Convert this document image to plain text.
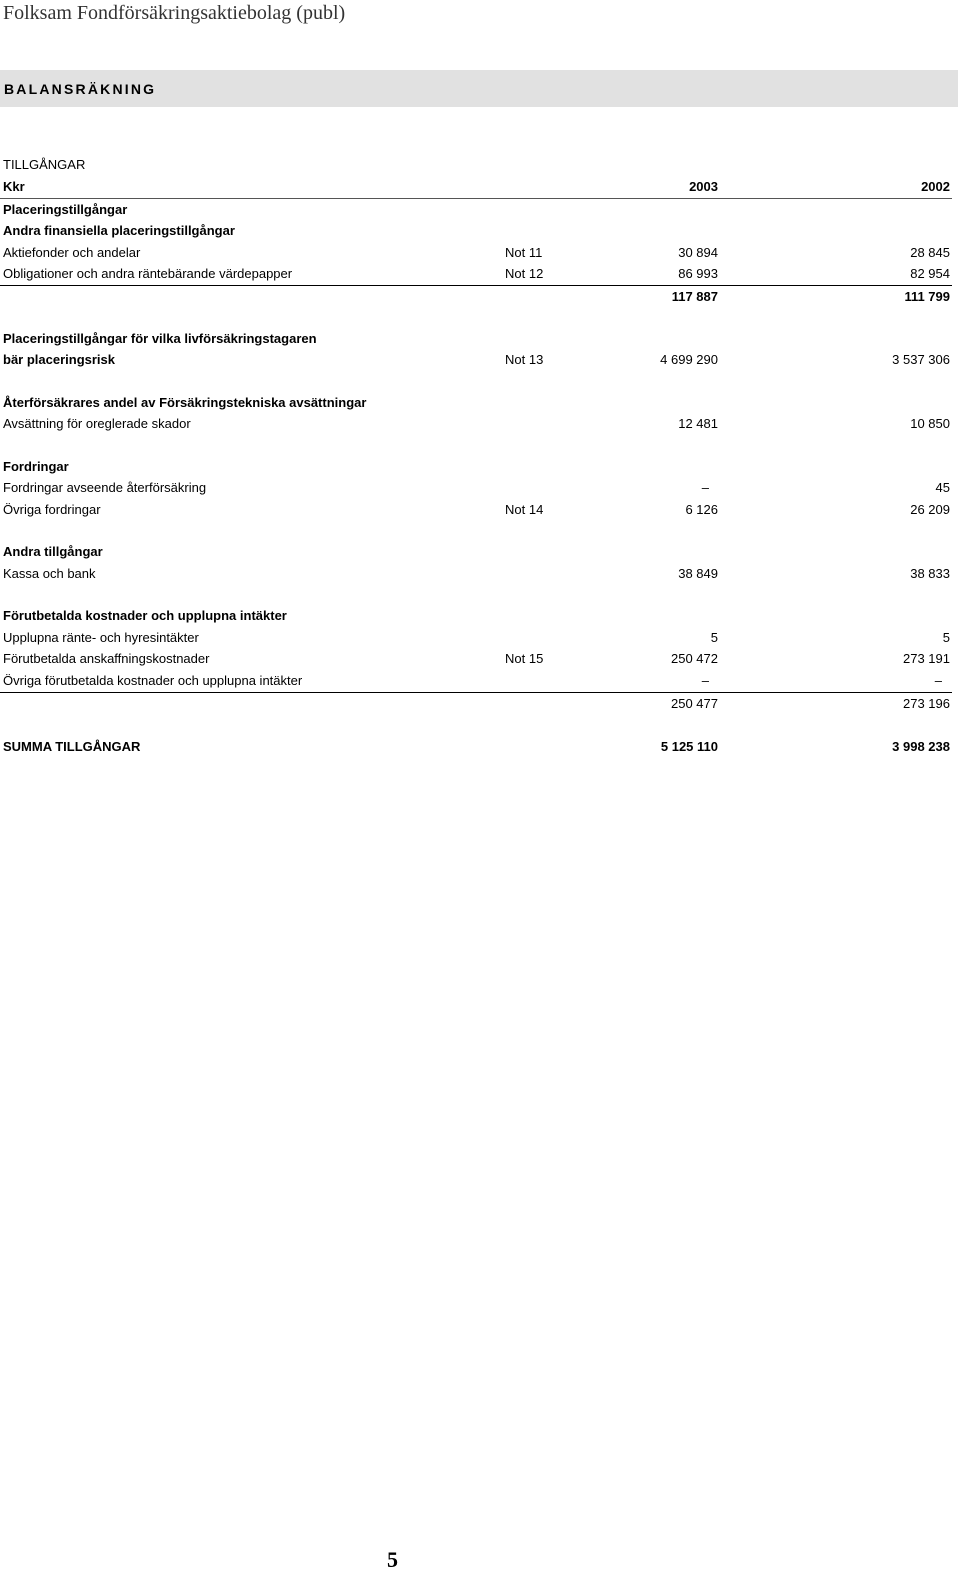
Folksam Fondförsäkringsaktiebolag (publ)
BALANSRÄKNING
TILLGÅNGAR
Kkr	2003	2002
Placeringstillgångar
Andra finansiella placeringstillgångar
Aktiefonder och andelar	Not 11	30 894	28 845
Obligationer och andra räntebärande värdepapper	Not 12	86 993	82 954
117 887	111 799
Placeringstillgångar för vilka livförsäkringstagaren
bär placeringsrisk	Not 13	4 699 290	3 537 306
Återförsäkrares andel av Försäkringstekniska avsättningar
Avsättning för oreglerade skador	12 481	10 850
Fordringar
Fordringar avseende återförsäkring	–	45
Övriga fordringar	Not 14	6 126	26 209
Andra tillgångar
Kassa och bank	38 849	38 833
Förutbetalda kostnader och upplupna intäkter
Upplupna ränte- och hyresintäkter	5	5
Förutbetalda anskaffningskostnader	Not 15	250 472	273 191
Övriga förutbetalda kostnader och upplupna intäkter	–	–
250 477	273 196
SUMMA TILLGÅNGAR	5 125 110	3 998 238
5
